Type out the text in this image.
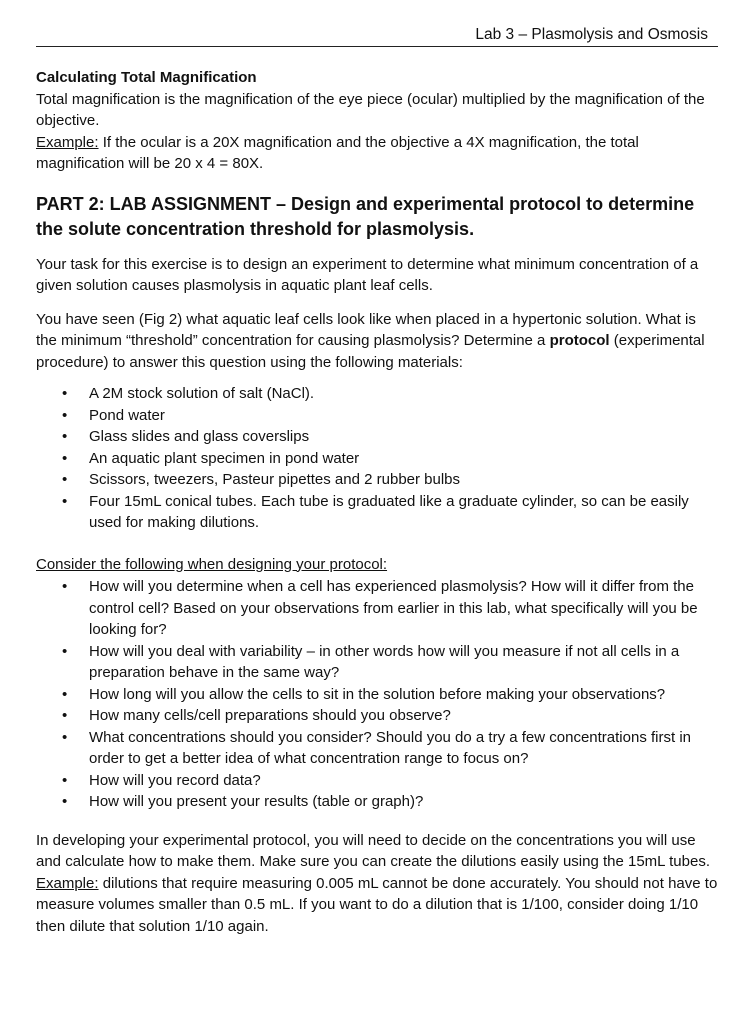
Lab 3 – Plasmolysis and Osmosis
Calculating Total Magnification

Total magnification is the magnification of the eye piece (ocular) multiplied by the magnification of the objective.
Example: If the ocular is a 20X magnification and the objective a 4X magnification, the total magnification will be 20 x 4 = 80X.

PART 2: LAB ASSIGNMENT – Design and experimental protocol to determine the solute concentration threshold for plasmolysis.

Your task for this exercise is to design an experiment to determine what minimum concentration of a given solution causes plasmolysis in aquatic plant leaf cells.

You have seen (Fig 2) what aquatic leaf cells look like when placed in a hypertonic solution. What is the minimum “threshold” concentration for causing plasmolysis? Determine a protocol (experimental procedure) to answer this question using the following materials:

• A 2M stock solution of salt (NaCl).
• Pond water
• Glass slides and glass coverslips
• An aquatic plant specimen in pond water
• Scissors, tweezers, Pasteur pipettes and 2 rubber bulbs
• Four 15mL conical tubes. Each tube is graduated like a graduate cylinder, so can be easily used for making dilutions.

Consider the following when designing your protocol:

• How will you determine when a cell has experienced plasmolysis? How will it differ from the control cell? Based on your observations from earlier in this lab, what specifically will you be looking for?
• How will you deal with variability – in other words how will you measure if not all cells in a preparation behave in the same way?
• How long will you allow the cells to sit in the solution before making your observations?
• How many cells/cell preparations should you observe?
• What concentrations should you consider? Should you do a try a few concentrations first in order to get a better idea of what concentration range to focus on?
• How will you record data?
• How will you present your results (table or graph)?

In developing your experimental protocol, you will need to decide on the concentrations you will use and calculate how to make them. Make sure you can create the dilutions easily using the 15mL tubes. Example: dilutions that require measuring 0.005 mL cannot be done accurately. You should not have to measure volumes smaller than 0.5 mL. If you want to do a dilution that is 1/100, consider doing 1/10 then dilute that solution 1/10 again.
